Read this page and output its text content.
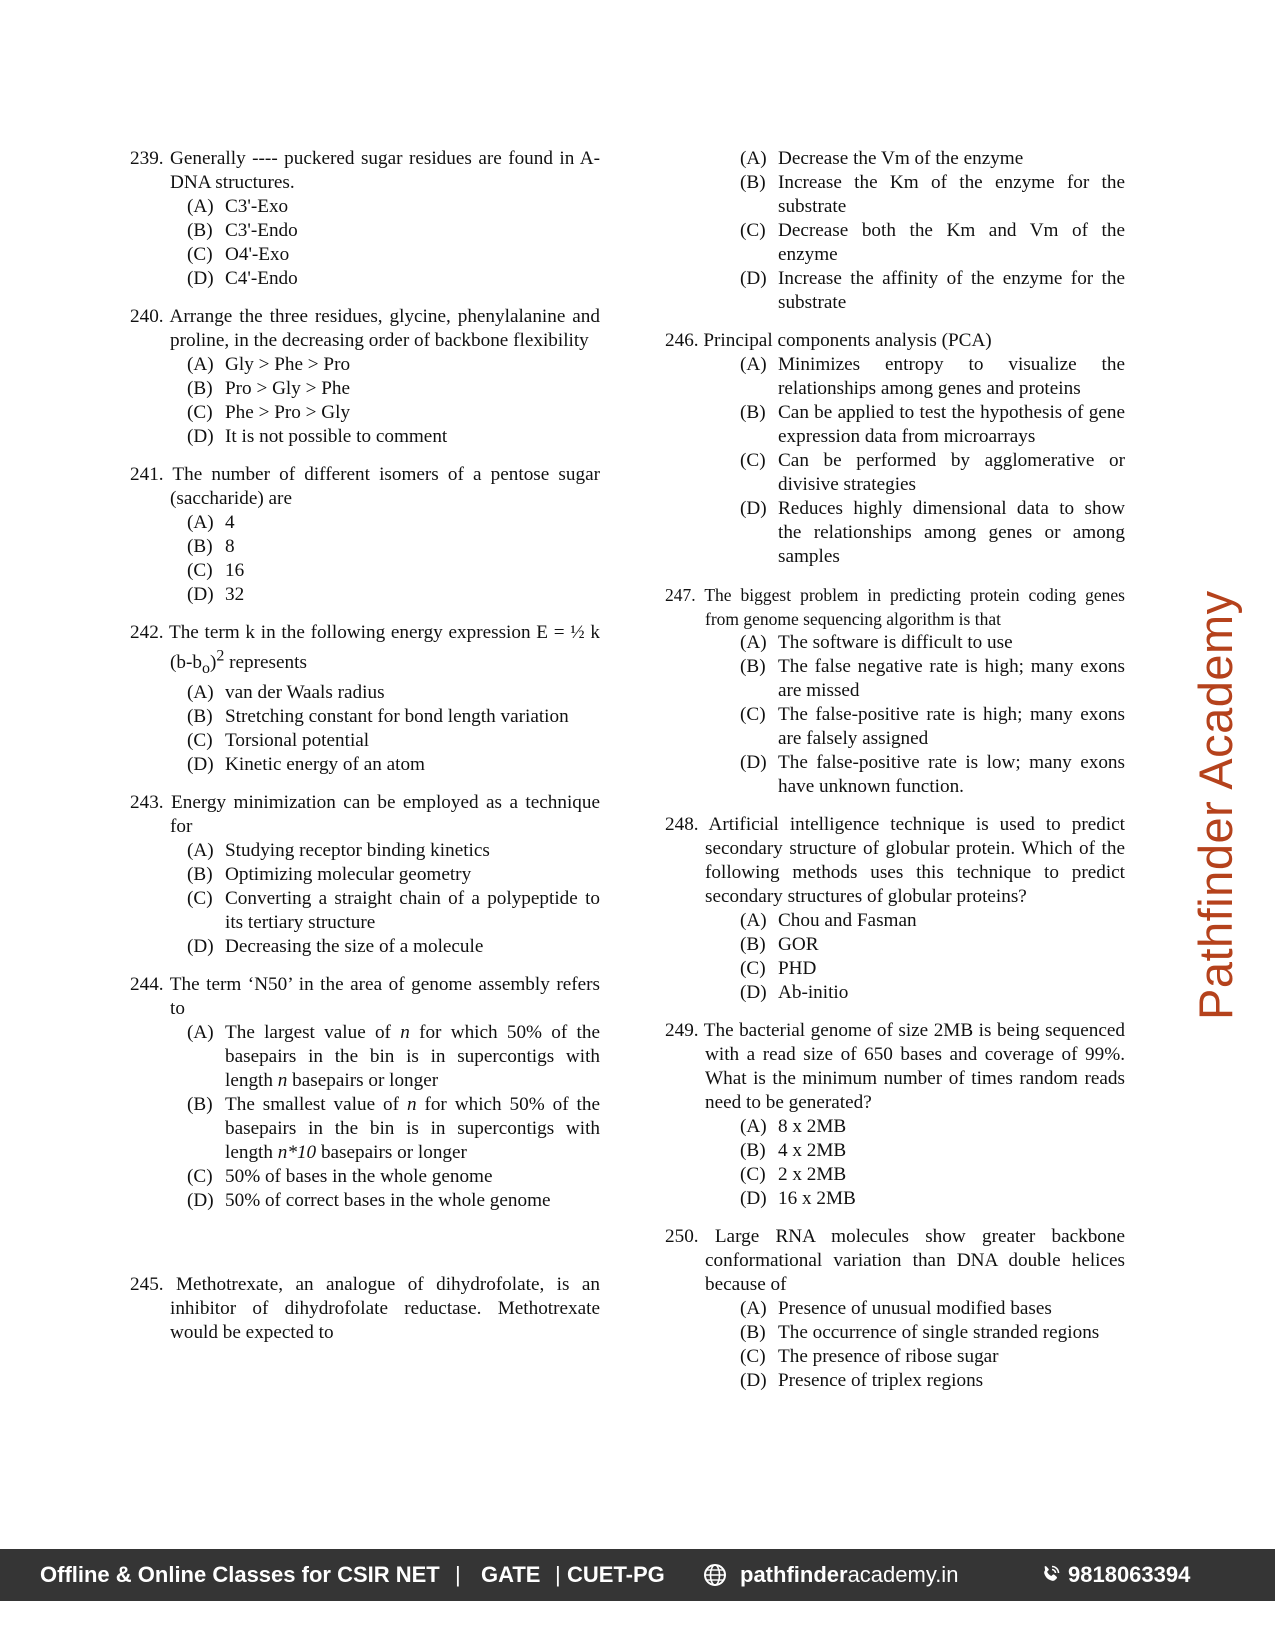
239. Generally ---- puckered sugar residues are found in A-DNA structures.
(A) C3'-Exo
(B) C3'-Endo
(C) O4'-Exo
(D) C4'-Endo
240. Arrange the three residues, glycine, phenylalanine and proline, in the decreasing order of backbone flexibility
(A) Gly > Phe > Pro
(B) Pro > Gly > Phe
(C) Phe > Pro > Gly
(D) It is not possible to comment
241. The number of different isomers of a pentose sugar (saccharide) are
(A) 4
(B) 8
(C) 16
(D) 32
242. The term k in the following energy expression E = ½ k $(b-b_o)^2$ represents
(A) van der Waals radius
(B) Stretching constant for bond length variation
(C) Torsional potential
(D) Kinetic energy of an atom
243. Energy minimization can be employed as a technique for
(A) Studying receptor binding kinetics
(B) Optimizing molecular geometry
(C) Converting a straight chain of a polypeptide to its tertiary structure
(D) Decreasing the size of a molecule
244. The term ‘N50’ in the area of genome assembly refers to
(A) The largest value of n for which 50% of the basepairs in the bin is in supercontigs with length n basepairs or longer
(B) The smallest value of n for which 50% of the basepairs in the bin is in supercontigs with length n*10 basepairs or longer
(C) 50% of bases in the whole genome
(D) 50% of correct bases in the whole genome
245. Methotrexate, an analogue of dihydrofolate, is an inhibitor of dihydrofolate reductase. Methotrexate would be expected to
(A) Decrease the Vm of the enzyme
(B) Increase the Km of the enzyme for the substrate
(C) Decrease both the Km and Vm of the enzyme
(D) Increase the affinity of the enzyme for the substrate
246. Principal components analysis (PCA)
(A) Minimizes entropy to visualize the relationships among genes and proteins
(B) Can be applied to test the hypothesis of gene expression data from microarrays
(C) Can be performed by agglomerative or divisive strategies
(D) Reduces highly dimensional data to show the relationships among genes or among samples
247. The biggest problem in predicting protein coding genes from genome sequencing algorithm is that
(A) The software is difficult to use
(B) The false negative rate is high; many exons are missed
(C) The false-positive rate is high; many exons are falsely assigned
(D) The false-positive rate is low; many exons have unknown function.
248. Artificial intelligence technique is used to predict secondary structure of globular protein. Which of the following methods uses this technique to predict secondary structures of globular proteins?
(A) Chou and Fasman
(B) GOR
(C) PHD
(D) Ab-initio
249. The bacterial genome of size 2MB is being sequenced with a read size of 650 bases and coverage of 99%. What is the minimum number of times random reads need to be generated?
(A) 8 x 2MB
(B) 4 x 2MB
(C) 2 x 2MB
(D) 16 x 2MB
250. Large RNA molecules show greater backbone conformational variation than DNA double helices because of
(A) Presence of unusual modified bases
(B) The occurrence of single stranded regions
(C) The presence of ribose sugar
(D) Presence of triplex regions
Pathfinder Academy
Offline & Online Classes for CSIR NET | GATE | CUET-PG	pathfinderacademy.in	9818063394
